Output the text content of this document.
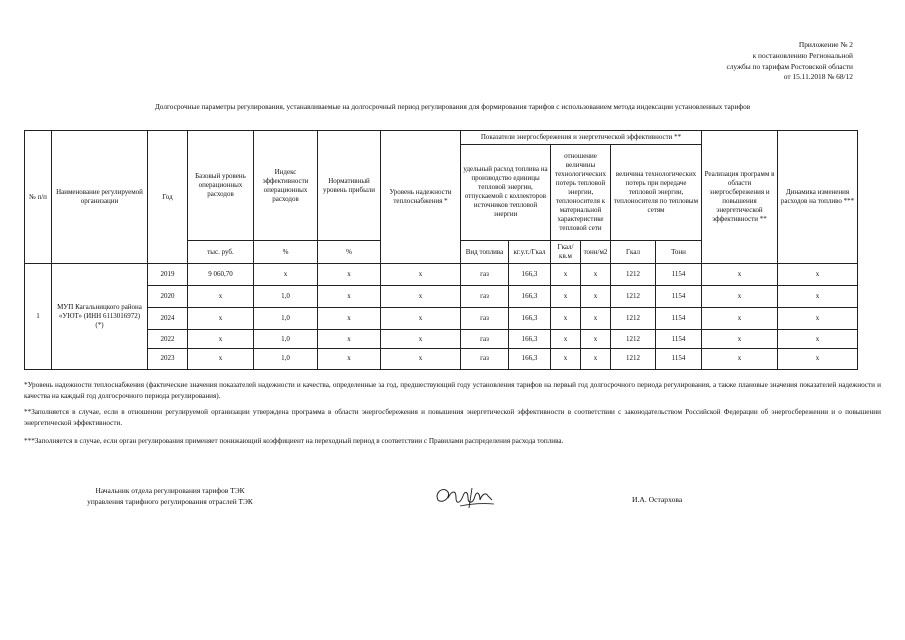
Приложение № 2
к постановлению Региональной
службы по тарифам Ростовской области
от 15.11.2018 № 68/12
Долгосрочные параметры регулирования, устанавливаемые на долгосрочный период регулирования для формирования тарифов с использованием метода индексации установленных тарифов
№ п/п	Наименование регулируемой организации	Год	Базовый уровень операционных расходов	Индекс эффективности операционных расходов	Нормативный уровень прибыли	Уровень надежности теплоснабжения *	Показатели энергосбережения и энергетической эффективности **						Реализация программ в области энергосбережения и повышения энергетической эффективности **	Динамика изменения расходов на топливо ***
							удельный расход топлива на производство единицы тепловой энергии, отпускаемой с коллекторов источников тепловой энергии		отношение величины технологических потерь тепловой энергии, теплоносителя к материальной характеристике тепловой сети		величина технологических потерь при передаче тепловой энергии, теплоносителя по тепловым сетям			
			тыс. руб.	%	%		Вид топлива	кг.у.т./Гкал	Гкал/ кв.м	тонн/м2	Гкал	Тонн		
1	МУП Кагальницкого района «УЮТ» (ИНН 6113016972) (*)	2019	9 060,70	х	х	х	газ	166,3	х	х	1212	1154	х	х
		2020	х	1,0	х	х	газ	166,3	х	х	1212	1154	х	х
		2024	х	1,0	х	х	газ	166,3	х	х	1212	1154	х	х
		2022	х	1,0	х	х	газ	166,3	х	х	1212	1154	х	х
		2023	х	1,0	х	х	газ	166,3	х	х	1212	1154	х	х
*Уровень надежности теплоснабжения (фактические значения показателей надежности и качества, определенные за год, предшествующий году установления тарифов на первый год долгосрочного периода регулирования, а также плановые значения показателей надежности и качества на каждый год долгосрочного периода регулирования).
**Заполняется в случае, если в отношении регулируемой организации утверждена программа в области энергосбережения и повышения энергетической эффективности в соответствии с законодательством Российской Федерации об энергосбережении и о повышении энергетической эффективности.
***Заполняется в случае, если орган регулирования применяет понижающий коэффициент на переходный период в соответствии с Правилами распределения расхода топлива.
Начальник отдела регулирования тарифов ТЭК
управления тарифного регулирования отраслей ТЭК	И.А. Остархова
